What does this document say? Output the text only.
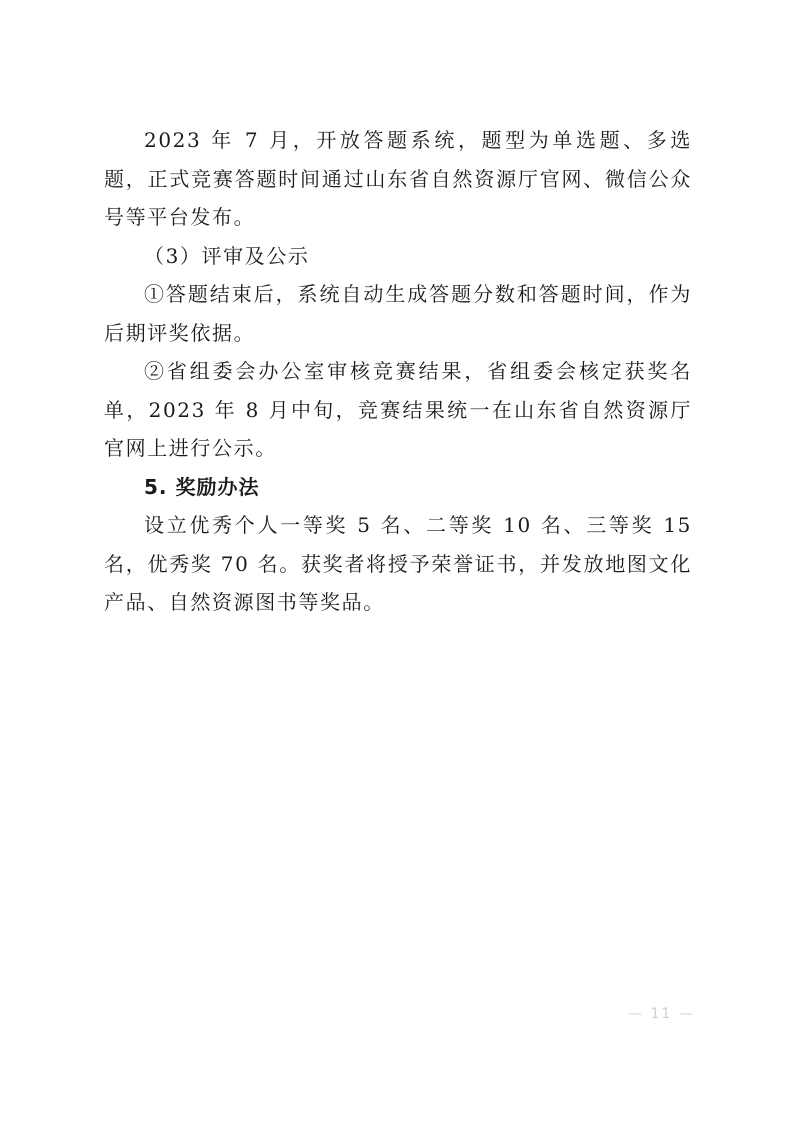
2023 年 7 月，开放答题系统，题型为单选题、多选题，正式竞赛答题时间通过山东省自然资源厅官网、微信公众号等平台发布。

（3）评审及公示

①答题结束后，系统自动生成答题分数和答题时间，作为后期评奖依据。

②省组委会办公室审核竞赛结果，省组委会核定获奖名单，2023 年 8 月中旬，竞赛结果统一在山东省自然资源厅官网上进行公示。

5. 奖励办法

设立优秀个人一等奖 5 名、二等奖 10 名、三等奖 15 名，优秀奖 70 名。获奖者将授予荣誉证书，并发放地图文化产品、自然资源图书等奖品。

— 11 —
